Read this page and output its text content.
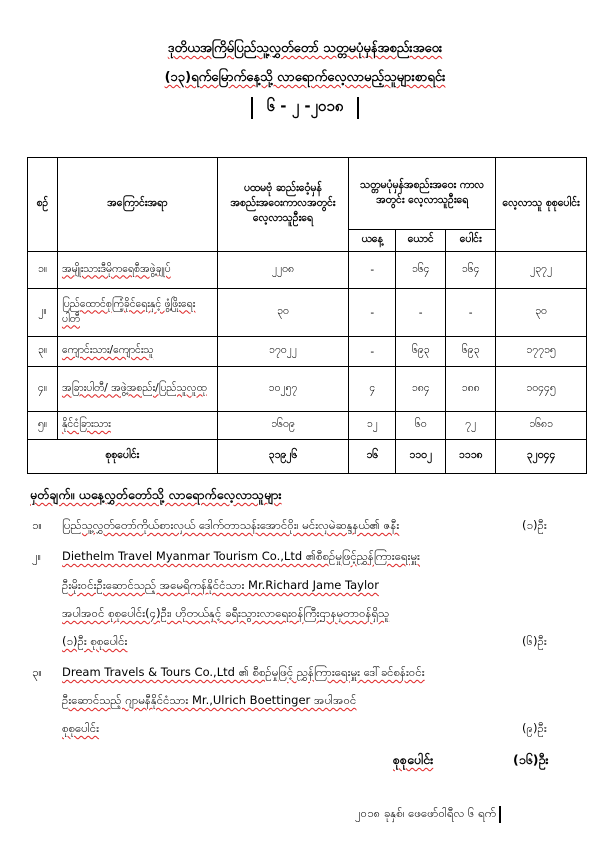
ဒုတိယအကြိမ်ပြည်သူ့လွှတ်တော် သတ္တမပုံမှန်အစည်းအဝေး
(၁၃)ရက်မြောက်နေ့သို့ လာရောက်လေ့လာမည့်သူများစာရင်း
၆ - ၂ -၂၀၁၈
စဥ်	အကြောင်းအရာ	ပထမဗုံ ဆည်းဝေံ့မှန် အစည်းအဝေးကာလအတွင်း လေ့လာသူဦးရေ	သတ္တမပုံမှန်အစည်းအဝေး ကာလအတွင်း လေ့လာသူဦးရေ			လေ့လာသူ စုစုပေါင်း
			ယနေ့	ယောင်	ပေါင်း	
၁။	အမျိုးသားဒီမိုကရေစီအဖွဲ့ချုပ်	၂၂၀၈	-	၁၆၄	၁၆၄	၂၃၇၂
၂။	ပြည်ထောင်စုကြံ့ခိုင်ရေးနှင့် ဖွံ့ဖြိုးရေးပါတီ	၃၀	-	-	-	၃၀
၃။	ကျောင်းသား/ကျောင်းသူ	၁၇၀၂၂	-	၆၉၃	၆၉၃	၁၇၇၁၅
၄။	အခြားပါတီ/ အဖွဲ့အစည်း/ပြည်သူလူထု	၁၀၂၅၇	၄	၁၈၄	၁၈၈	၁၀၄၄၅
၅။	နိုင်ငံခြားသား	၁၆၀၉	၁၂	၆၀	၇၂	၁၆၈၁
စုစုပေါင်း		၃၁၉၂၆	၁၆	၁၁၀၂	၁၁၁၈	၃၂၀၄၄
မှတ်ချက်။ ယနေ့လွှတ်တော်သို့ လာရောက်လေ့လာသူများ
၁။ ပြည်သူ့လွှတ်တော်ကိုယ်စားလှယ် ဒေါက်တာသန်းအောင်ဝိုး၊ မင်းလှမဲဆန္ဒနယ်၏ ဇနီး	(၁)ဦး
၂။ Diethelm Travel Myanmar Tourism Co.,Ltd ၏စီစဉ်မှုဖြင့်ညွှန်ကြားရေးမှူး
ဦးမိုးဝင်းဦးဆောင်သည့် အမေရိကန်နိုင်ငံသား Mr.Richard Jame Taylor
အပါအဝင် စုစုပေါင်း(၄)ဦး၊ ဟိုတယ်နှင့် ခရီးသွားလာရေးဝန်ကြီးဌာနမှတာဝန်ရှိသူ
(၁)ဦး စုစုပေါင်း	(၆)ဦး
၃။ Dream Travels & Tours Co.,Ltd ၏ စီစဉ်မှုဖြင့် ညွှန်ကြားရေးမှူး ဒေါ်ခင်စန်းဝင်း
ဦးဆောင်သည့် ဂျာမနီနိုင်ငံသား Mr.,Ulrich Boettinger အပါအဝင်
စုစုပေါင်း	(၉)ဦး
စုစုပေါင်း	(၁၆)ဦး
၂၀၁၈ ခုနှစ်၊ ဖေဖော်ဝါရီလ ၆ ရက်
